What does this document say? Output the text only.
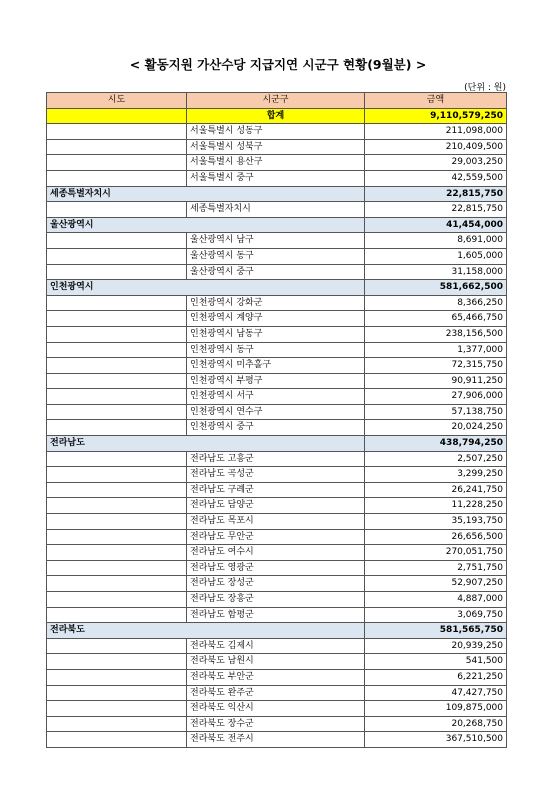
< 활동지원 가산수당 지급지연 시군구 현황(9월분) >
(단위 : 원)
시도	시군구	금액
	합계	9,110,579,250
	서울특별시 성동구	211,098,000
	서울특별시 성북구	210,409,500
	서울특별시 용산구	29,003,250
	서울특별시 중구	42,559,500
세종특별자치시		22,815,750
	세종특별자치시	22,815,750
울산광역시		41,454,000
	울산광역시 남구	8,691,000
	울산광역시 동구	1,605,000
	울산광역시 중구	31,158,000
인천광역시		581,662,500
	인천광역시 강화군	8,366,250
	인천광역시 계양구	65,466,750
	인천광역시 남동구	238,156,500
	인천광역시 동구	1,377,000
	인천광역시 미추홀구	72,315,750
	인천광역시 부평구	90,911,250
	인천광역시 서구	27,906,000
	인천광역시 연수구	57,138,750
	인천광역시 중구	20,024,250
전라남도		438,794,250
	전라남도 고흥군	2,507,250
	전라남도 곡성군	3,299,250
	전라남도 구례군	26,241,750
	전라남도 담양군	11,228,250
	전라남도 목포시	35,193,750
	전라남도 무안군	26,656,500
	전라남도 여수시	270,051,750
	전라남도 영광군	2,751,750
	전라남도 장성군	52,907,250
	전라남도 장흥군	4,887,000
	전라남도 함평군	3,069,750
전라북도		581,565,750
	전라북도 김제시	20,939,250
	전라북도 남원시	541,500
	전라북도 부안군	6,221,250
	전라북도 완주군	47,427,750
	전라북도 익산시	109,875,000
	전라북도 장수군	20,268,750
	전라북도 전주시	367,510,500
